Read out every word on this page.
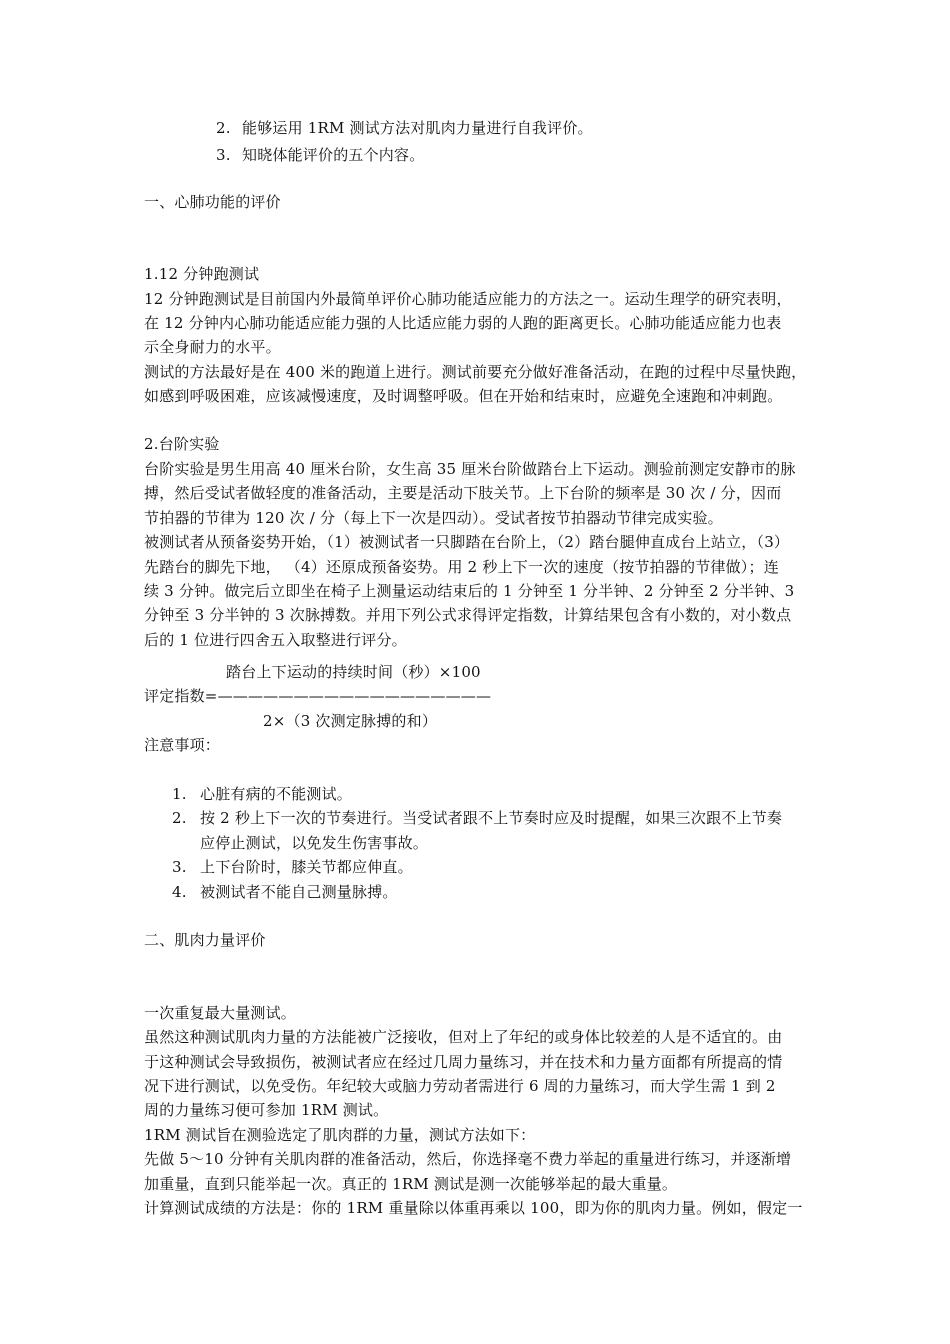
2. 能够运用 1RM 测试方法对肌肉力量进行自我评价。
3. 知晓体能评价的五个内容。
一、心肺功能的评价
1.12 分钟跑测试
12 分钟跑测试是目前国内外最简单评价心肺功能适应能力的方法之一。运动生理学的研究表明，
在 12 分钟内心肺功能适应能力强的人比适应能力弱的人跑的距离更长。心肺功能适应能力也表
示全身耐力的水平。
测试的方法最好是在 400 米的跑道上进行。测试前要充分做好准备活动，在跑的过程中尽量快跑，
如感到呼吸困难，应该减慢速度，及时调整呼吸。但在开始和结束时，应避免全速跑和冲刺跑。
2.台阶实验
台阶实验是男生用高 40 厘米台阶，女生高 35 厘米台阶做踏台上下运动。测验前测定安静市的脉
搏，然后受试者做轻度的准备活动，主要是活动下肢关节。上下台阶的频率是 30 次 / 分，因而
节拍器的节律为 120 次 / 分（每上下一次是四动）。受试者按节拍器动节律完成实验。
被测试者从预备姿势开始，（1）被测试者一只脚踏在台阶上，（2）踏台腿伸直成台上站立，（3）
先踏台的脚先下地， （4）还原成预备姿势。用 2 秒上下一次的速度（按节拍器的节律做）；连
续 3 分钟。做完后立即坐在椅子上测量运动结束后的 1 分钟至 1 分半钟、2 分钟至 2 分半钟、3
分钟至 3 分半钟的 3 次脉搏数。并用下列公式求得评定指数，计算结果包含有小数的，对小数点
后的 1 位进行四舍五入取整进行评分。
踏台上下运动的持续时间（秒）×100
评定指数=——————————————————
2×（3 次测定脉搏的和）
注意事项：
1. 心脏有病的不能测试。
2. 按 2 秒上下一次的节奏进行。当受试者跟不上节奏时应及时提醒，如果三次跟不上节奏
应停止测试，以免发生伤害事故。
3. 上下台阶时，膝关节都应伸直。
4. 被测试者不能自己测量脉搏。
二、肌肉力量评价
一次重复最大量测试。
虽然这种测试肌肉力量的方法能被广泛接收，但对上了年纪的或身体比较差的人是不适宜的。由
于这种测试会导致损伤，被测试者应在经过几周力量练习，并在技术和力量方面都有所提高的情
况下进行测试，以免受伤。年纪较大或脑力劳动者需进行 6 周的力量练习，而大学生需 1 到 2
周的力量练习便可参加 1RM 测试。
1RM 测试旨在测验选定了肌肉群的力量，测试方法如下：
先做 5～10 分钟有关肌肉群的准备活动，然后，你选择毫不费力举起的重量进行练习，并逐渐增
加重量，直到只能举起一次。真正的 1RM 测试是测一次能够举起的最大重量。
计算测试成绩的方法是：你的 1RM 重量除以体重再乘以 100，即为你的肌肉力量。例如，假定一
